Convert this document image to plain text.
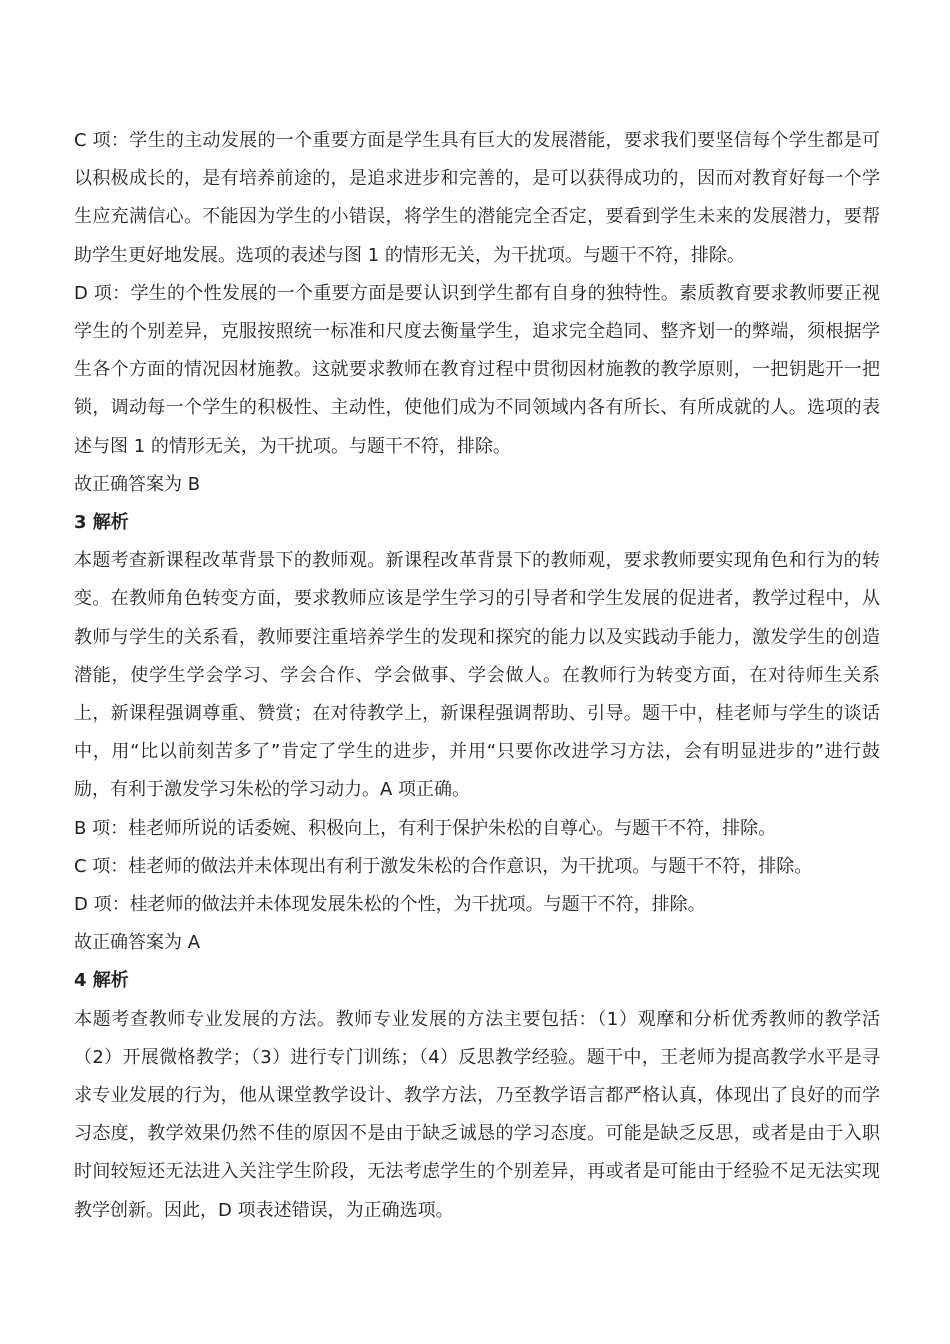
C 项：学生的主动发展的一个重要方面是学生具有巨大的发展潜能，要求我们要坚信每个学生都是可以积极成长的，是有培养前途的，是追求进步和完善的，是可以获得成功的，因而对教育好每一个学生应充满信心。不能因为学生的小错误，将学生的潜能完全否定，要看到学生未来的发展潜力，要帮助学生更好地发展。选项的表述与图 1 的情形无关，为干扰项。与题干不符，排除。

D 项：学生的个性发展的一个重要方面是要认识到学生都有自身的独特性。素质教育要求教师要正视学生的个别差异，克服按照统一标准和尺度去衡量学生，追求完全趋同、整齐划一的弊端，须根据学生各个方面的情况因材施教。这就要求教师在教育过程中贯彻因材施教的教学原则，一把钥匙开一把锁，调动每一个学生的积极性、主动性，使他们成为不同领域内各有所长、有所成就的人。选项的表述与图 1 的情形无关，为干扰项。与题干不符，排除。

故正确答案为 B

3 解析

本题考查新课程改革背景下的教师观。新课程改革背景下的教师观，要求教师要实现角色和行为的转变。在教师角色转变方面，要求教师应该是学生学习的引导者和学生发展的促进者，教学过程中，从教师与学生的关系看，教师要注重培养学生的发现和探究的能力以及实践动手能力，激发学生的创造潜能，使学生学会学习、学会合作、学会做事、学会做人。在教师行为转变方面，在对待师生关系上，新课程强调尊重、赞赏；在对待教学上，新课程强调帮助、引导。题干中，桂老师与学生的谈话中，用“比以前刻苦多了”肯定了学生的进步，并用“只要你改进学习方法，会有明显进步的”进行鼓励，有利于激发学习朱松的学习动力。A 项正确。

B 项：桂老师所说的话委婉、积极向上，有利于保护朱松的自尊心。与题干不符，排除。

C 项：桂老师的做法并未体现出有利于激发朱松的合作意识，为干扰项。与题干不符，排除。

D 项：桂老师的做法并未体现发展朱松的个性，为干扰项。与题干不符，排除。

故正确答案为 A

4 解析

本题考查教师专业发展的方法。教师专业发展的方法主要包括：（1）观摩和分析优秀教师的教学活（2）开展微格教学；（3）进行专门训练；（4）反思教学经验。题干中，王老师为提高教学水平是寻求专业发展的行为，他从课堂教学设计、教学方法，乃至教学语言都严格认真，体现出了良好的而学习态度，教学效果仍然不佳的原因不是由于缺乏诚恳的学习态度。可能是缺乏反思，或者是由于入职时间较短还无法进入关注学生阶段，无法考虑学生的个别差异，再或者是可能由于经验不足无法实现教学创新。因此，D 项表述错误，为正确选项。
